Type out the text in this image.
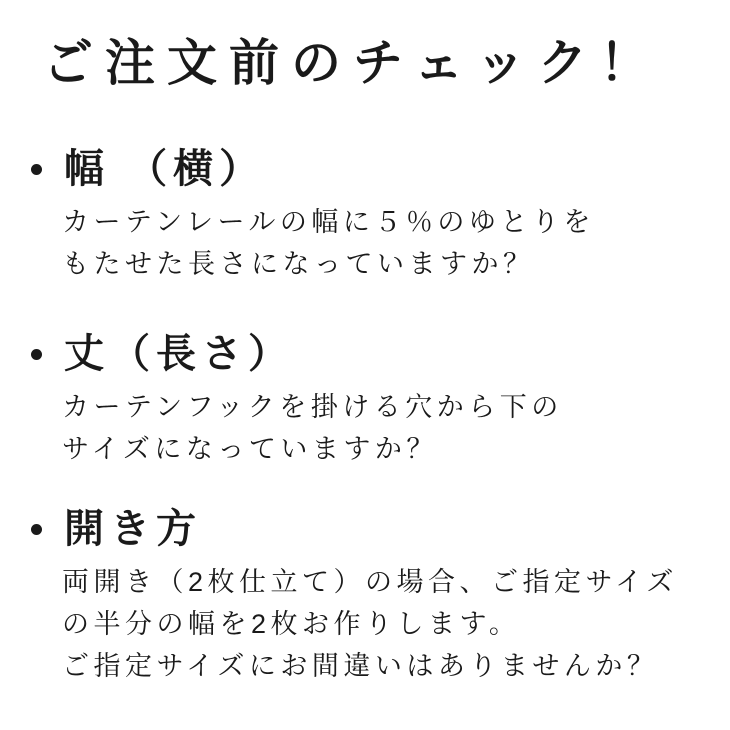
ご注文前のチェック！
幅 （横）
カーテンレールの幅に５％のゆとりを
もたせた長さになっていますか？
丈（長さ）
カーテンフックを掛ける穴から下の
サイズになっていますか？
開き方
両開き（2枚仕立て）の場合、ご指定サイズ
の半分の幅を2枚お作りします。
ご指定サイズにお間違いはありませんか？
